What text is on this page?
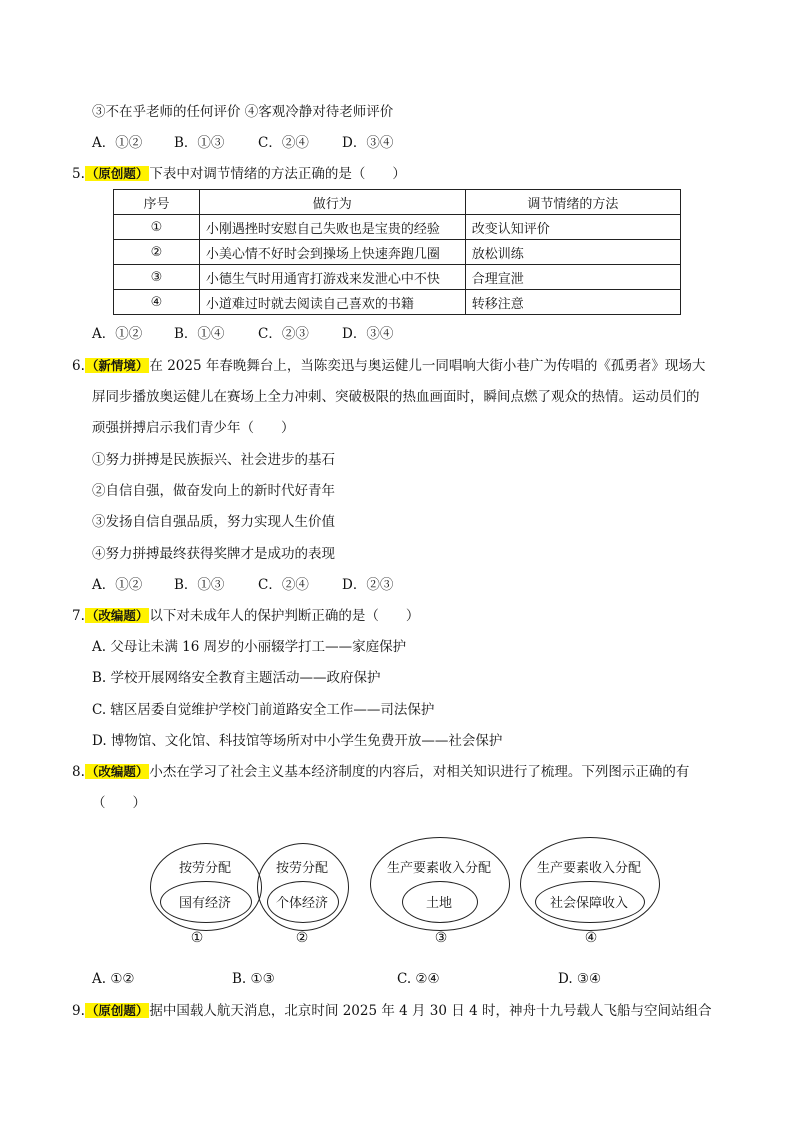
③不在乎老师的任何评价 ④客观冷静对待老师评价
A．①② B．①③ C．②④ D．③④
5.（原创题）下表中对调节情绪的方法正确的是（　　）
序号	做行为	调节情绪的方法
①	小刚遇挫时安慰自己失败也是宝贵的经验	改变认知评价
②	小美心情不好时会到操场上快速奔跑几圈	放松训练
③	小德生气时用通宵打游戏来发泄心中不快	合理宣泄
④	小道难过时就去阅读自己喜欢的书籍	转移注意
A．①② B．①④ C．②③ D．③④
6.（新情境）在 2025 年春晚舞台上，当陈奕迅与奥运健儿一同唱响大街小巷广为传唱的《孤勇者》现场大
屏同步播放奥运健儿在赛场上全力冲刺、突破极限的热血画面时，瞬间点燃了观众的热情。运动员们的
顽强拼搏启示我们青少年（　　）
①努力拼搏是民族振兴、社会进步的基石
②自信自强，做奋发向上的新时代好青年
③发扬自信自强品质，努力实现人生价值
④努力拼搏最终获得奖牌才是成功的表现
A．①② B．①③ C．②④ D．②③
7.（改编题）以下对未成年人的保护判断正确的是（　　）
A. 父母让未满 16 周岁的小丽辍学打工——家庭保护
B. 学校开展网络安全教育主题活动——政府保护
C. 辖区居委自觉维护学校门前道路安全工作——司法保护
D. 博物馆、文化馆、科技馆等场所对中小学生免费开放——社会保护
8.（改编题）小杰在学习了社会主义基本经济制度的内容后，对相关知识进行了梳理。下列图示正确的有
（　　）
按劳分配
国有经济
①
按劳分配
个体经济
②
生产要素收入分配
土地
③
生产要素收入分配
社会保障收入
④
A. ①②	B. ①③	C. ②④	D. ③④
9.（原创题）据中国载人航天消息，北京时间 2025 年 4 月 30 日 4 时，神舟十九号载人飞船与空间站组合
